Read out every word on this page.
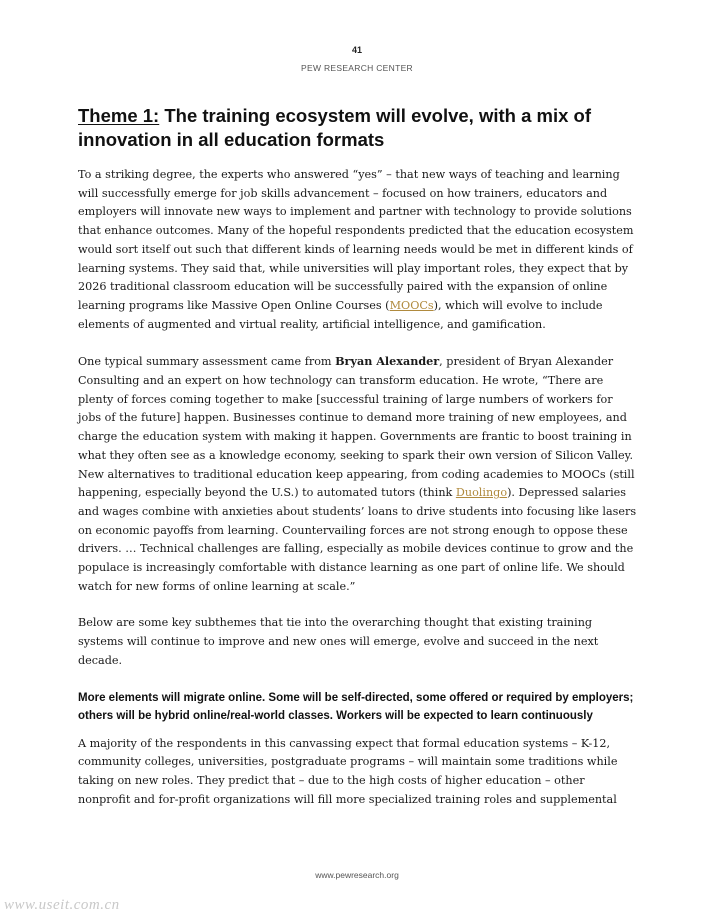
41
PEW RESEARCH CENTER
Theme 1: The training ecosystem will evolve, with a mix of innovation in all education formats

To a striking degree, the experts who answered “yes” – that new ways of teaching and learning will successfully emerge for job skills advancement – focused on how trainers, educators and employers will innovate new ways to implement and partner with technology to provide solutions that enhance outcomes. Many of the hopeful respondents predicted that the education ecosystem would sort itself out such that different kinds of learning needs would be met in different kinds of learning systems. They said that, while universities will play important roles, they expect that by 2026 traditional classroom education will be successfully paired with the expansion of online learning programs like Massive Open Online Courses (MOOCs), which will evolve to include elements of augmented and virtual reality, artificial intelligence, and gamification.

One typical summary assessment came from Bryan Alexander, president of Bryan Alexander Consulting and an expert on how technology can transform education. He wrote, “There are plenty of forces coming together to make [successful training of large numbers of workers for jobs of the future] happen. Businesses continue to demand more training of new employees, and charge the education system with making it happen. Governments are frantic to boost training in what they often see as a knowledge economy, seeking to spark their own version of Silicon Valley. New alternatives to traditional education keep appearing, from coding academies to MOOCs (still happening, especially beyond the U.S.) to automated tutors (think Duolingo). Depressed salaries and wages combine with anxieties about students’ loans to drive students into focusing like lasers on economic payoffs from learning. Countervailing forces are not strong enough to oppose these drivers. … Technical challenges are falling, especially as mobile devices continue to grow and the populace is increasingly comfortable with distance learning as one part of online life. We should watch for new forms of online learning at scale.”

Below are some key subthemes that tie into the overarching thought that existing training systems will continue to improve and new ones will emerge, evolve and succeed in the next decade.

More elements will migrate online. Some will be self-directed, some offered or required by employers; others will be hybrid online/real-world classes. Workers will be expected to learn continuously

A majority of the respondents in this canvassing expect that formal education systems – K-12, community colleges, universities, postgraduate programs – will maintain some traditions while taking on new roles. They predict that – due to the high costs of higher education – other nonprofit and for-profit organizations will fill more specialized training roles and supplemental

www.pewresearch.org
www.useit.com.cn
